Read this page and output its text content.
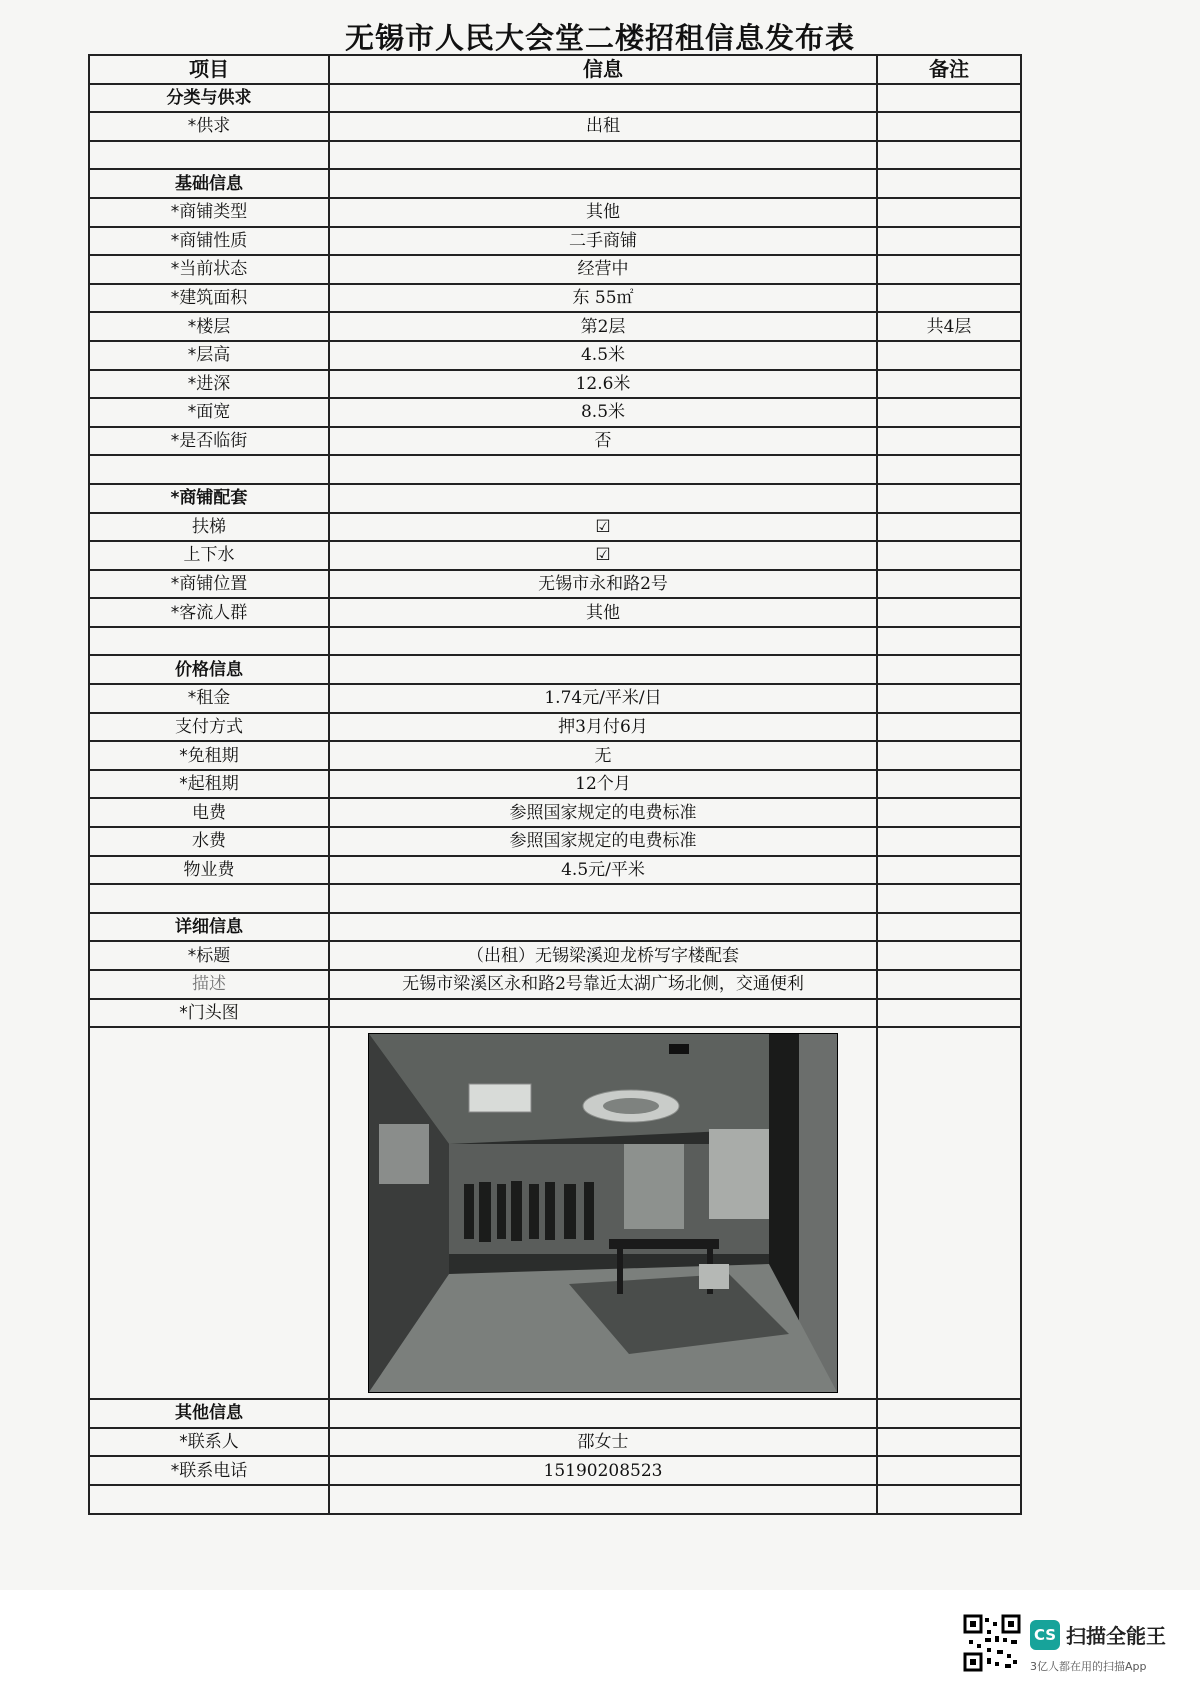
无锡市人民大会堂二楼招租信息发布表
项目	信息	备注
分类与供求		
*供求	出租	

基础信息		
*商铺类型	其他	
*商铺性质	二手商铺	
*当前状态	经营中	
*建筑面积	东 55㎡	
*楼层	第2层	共4层
*层高	4.5米	
*进深	12.6米	
*面宽	8.5米	
*是否临街	否	

*商铺配套		
扶梯	☑	
上下水	☑	
*商铺位置	无锡市永和路2号	
*客流人群	其他	

价格信息		
*租金	1.74元/平米/日	
支付方式	押3月付6月	
*免租期	无	
*起租期	12个月	
电费	参照国家规定的电费标准	
水费	参照国家规定的电费标准	
物业费	4.5元/平米	

详细信息		
*标题	（出租）无锡梁溪迎龙桥写字楼配套	
描述	无锡市梁溪区永和路2号靠近太湖广场北侧，交通便利	
*门头图		

其他信息		
*联系人	邵女士	
*联系电话	15190208523	

CS 扫描全能王
3亿人都在用的扫描App
